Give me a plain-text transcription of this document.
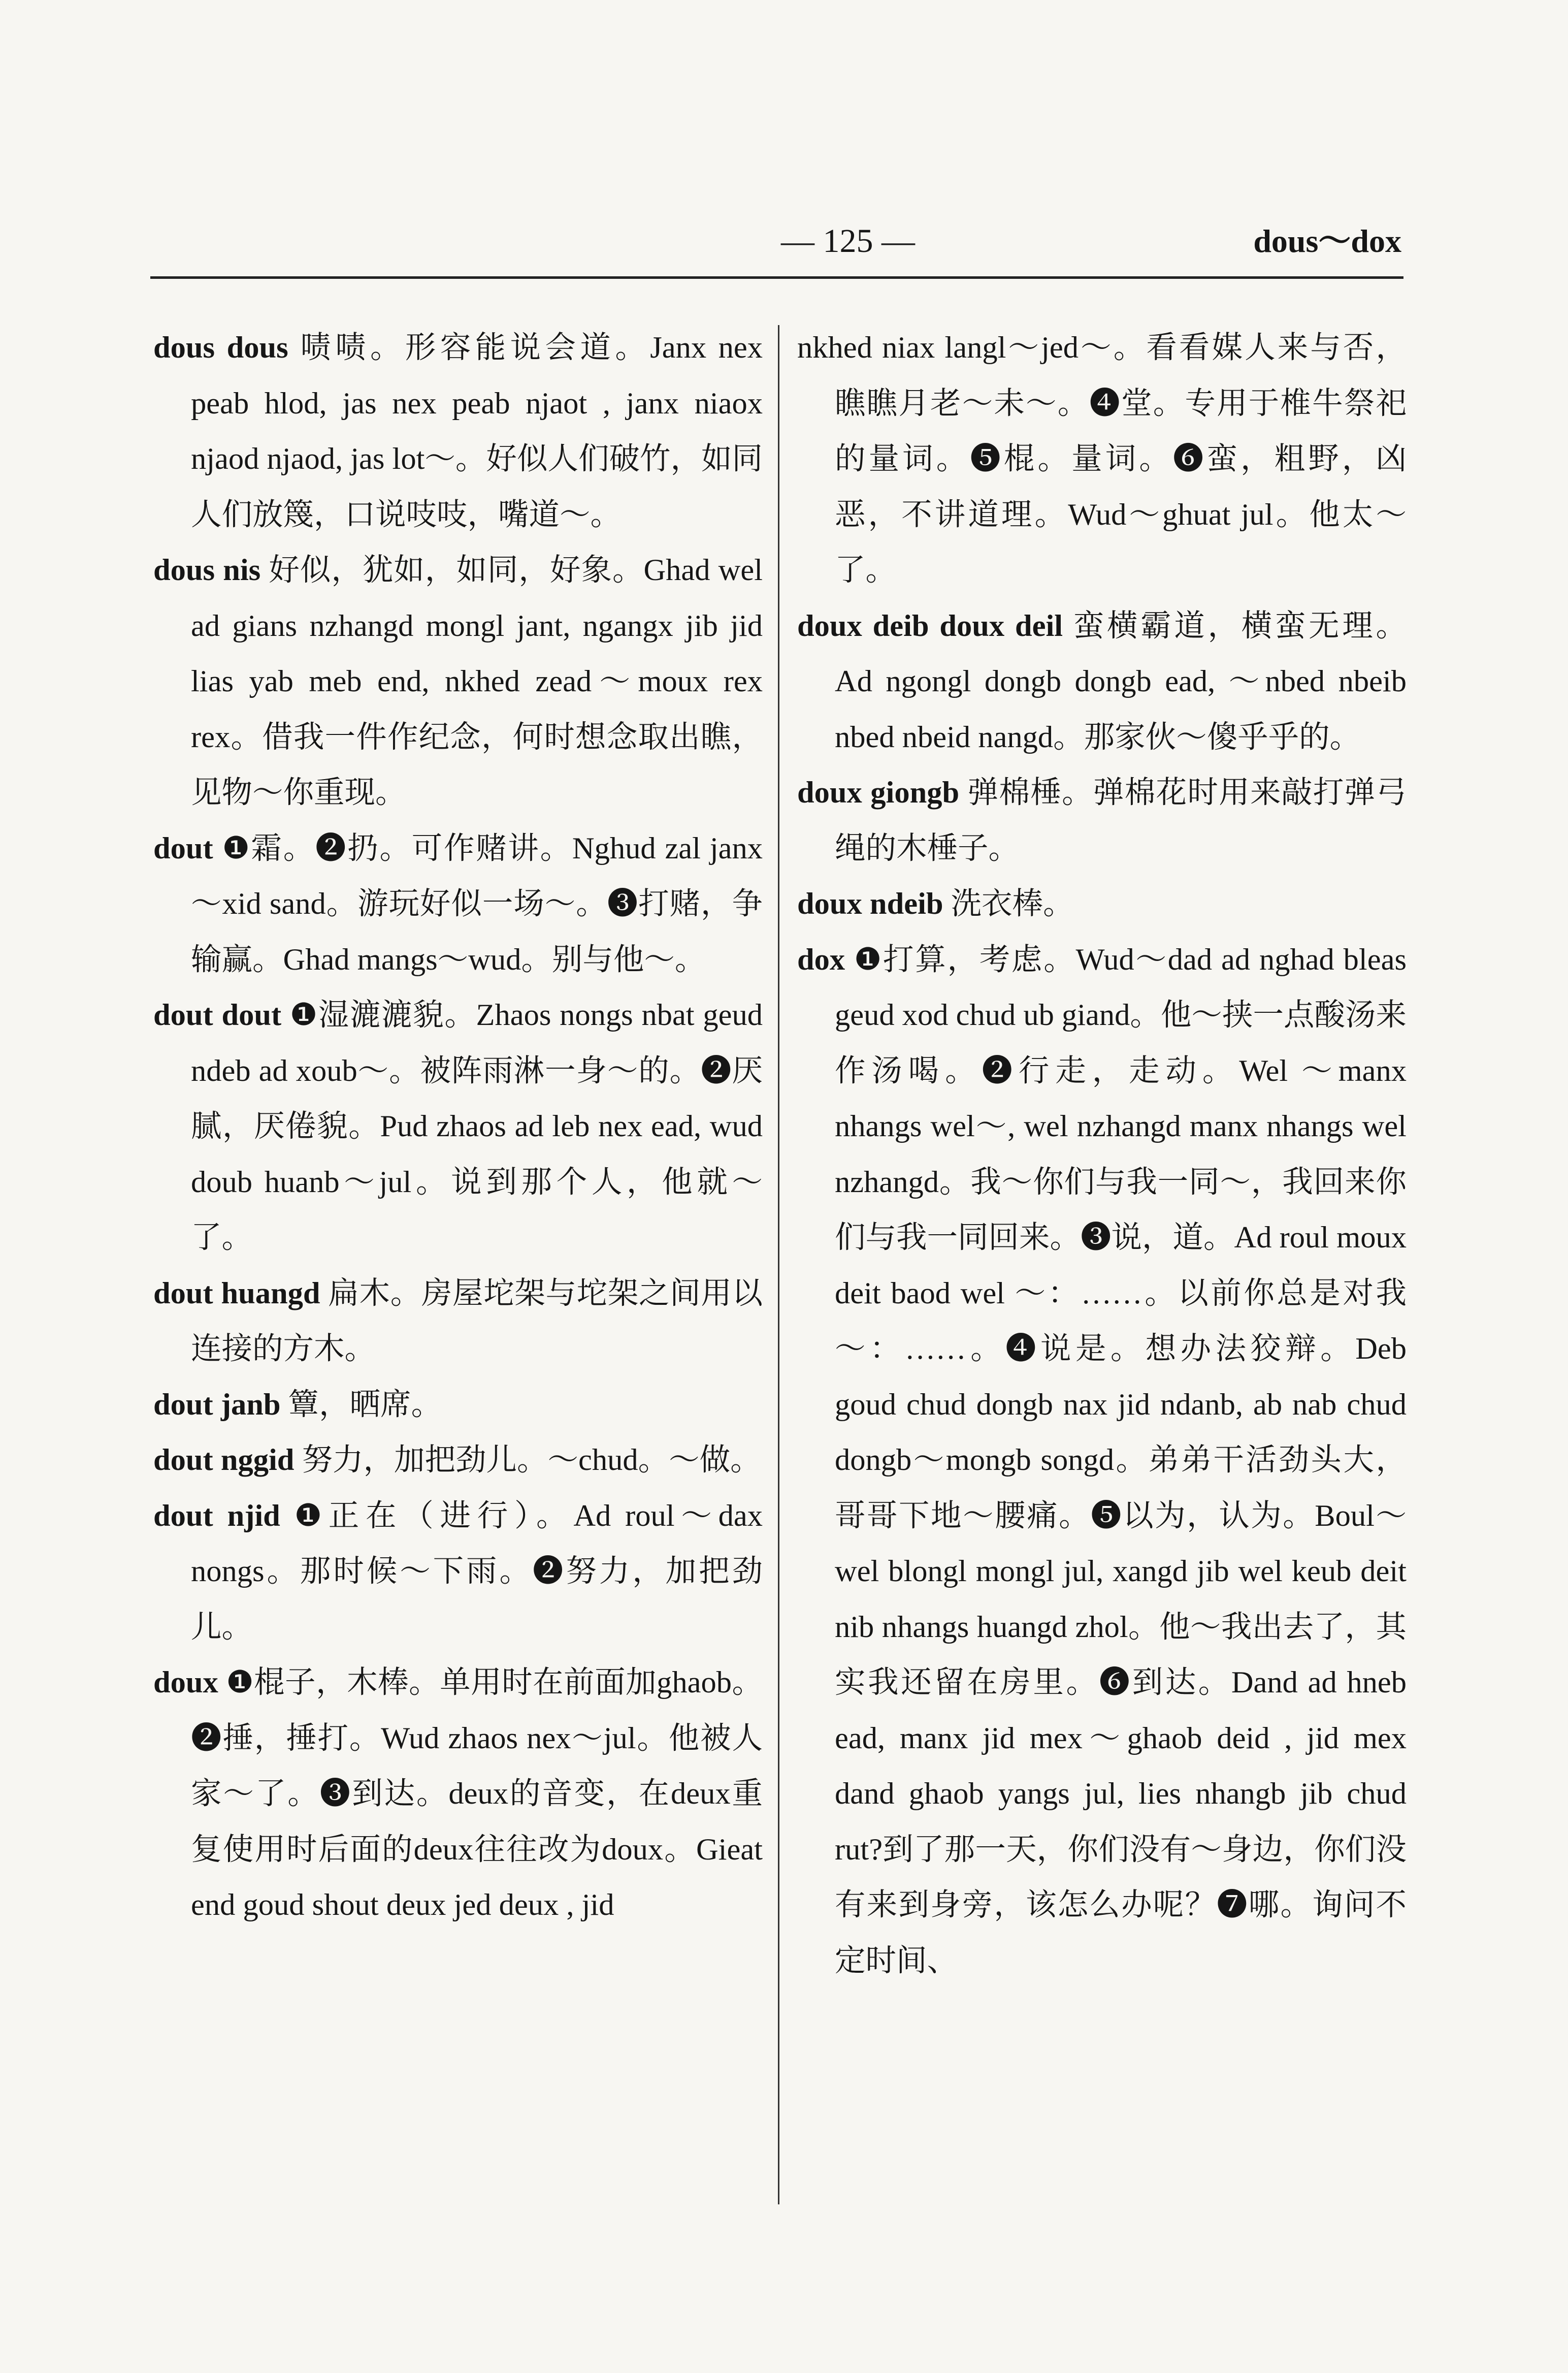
— 125 —	dous～dox

dous dous 啧啧。形容能说会道。Janx nex peab hlod, jas nex peab njaot , janx niaox njaod njaod, jas lot～。好似人们破竹，如同人们放篾，口说吱吱，嘴道～。

dous nis 好似，犹如，如同，好象。Ghad wel ad gians nzhangd mongl jant, ngangx jib jid lias yab meb end, nkhed zead～moux rex rex。借我一件作纪念，何时想念取出瞧，见物～你重现。

dout ❶霜。❷扔。可作赌讲。Nghud zal janx ～xid sand。游玩好似一场～。❸打赌，争输赢。Ghad mangs～wud。别与他～。

dout dout ❶湿漉漉貌。Zhaos nongs nbat geud ndeb ad xoub～。被阵雨淋一身～的。❷厌腻，厌倦貌。Pud zhaos ad leb nex ead, wud doub huanb～jul。说到那个人，他就～了。

dout huangd 扁木。房屋坨架与坨架之间用以连接的方木。

dout janb 簟，晒席。

dout nggid 努力，加把劲儿。～chud。～做。

dout njid ❶正在（进行）。Ad roul～dax nongs。那时候～下雨。❷努力，加把劲儿。

doux ❶棍子，木棒。单用时在前面加ghaob。❷捶，捶打。Wud zhaos nex～jul。他被人家～了。❸到达。deux的音变，在deux重复使用时后面的deux往往改为doux。Gieat end goud shout deux jed deux , jid

nkhed niax langl～jed～。看看媒人来与否，瞧瞧月老～未～。❹堂。专用于椎牛祭祀的量词。❺棍。量词。❻蛮，粗野，凶恶，不讲道理。Wud～ghuat jul。他太～了。

doux deib doux deil 蛮横霸道，横蛮无理。Ad ngongl dongb dongb ead, ～nbed nbeib nbed nbeid nangd。那家伙～傻乎乎的。

doux giongb 弹棉棰。弹棉花时用来敲打弹弓绳的木棰子。

doux ndeib 洗衣棒。

dox ❶打算，考虑。Wud～dad ad nghad bleas geud xod chud ub giand。他～挟一点酸汤来作汤喝。❷行走，走动。Wel ～manx nhangs wel～, wel nzhangd manx nhangs wel nzhangd。我～你们与我一同～，我回来你们与我一同回来。❸说，道。Ad roul moux deit baod wel ～：……。以前你总是对我～：……。❹说是。想办法狡辩。Deb goud chud dongb nax jid ndanb, ab nab chud dongb～mongb songd。弟弟干活劲头大，哥哥下地～腰痛。❺以为，认为。Boul～wel blongl mongl jul, xangd jib wel keub deit nib nhangs huangd zhol。他～我出去了，其实我还留在房里。❻到达。Dand ad hneb ead, manx jid mex～ghaob deid , jid mex dand ghaob yangs jul, lies nhangb jib chud rut?到了那一天，你们没有～身边，你们没有来到身旁，该怎么办呢？❼哪。询问不定时间、
